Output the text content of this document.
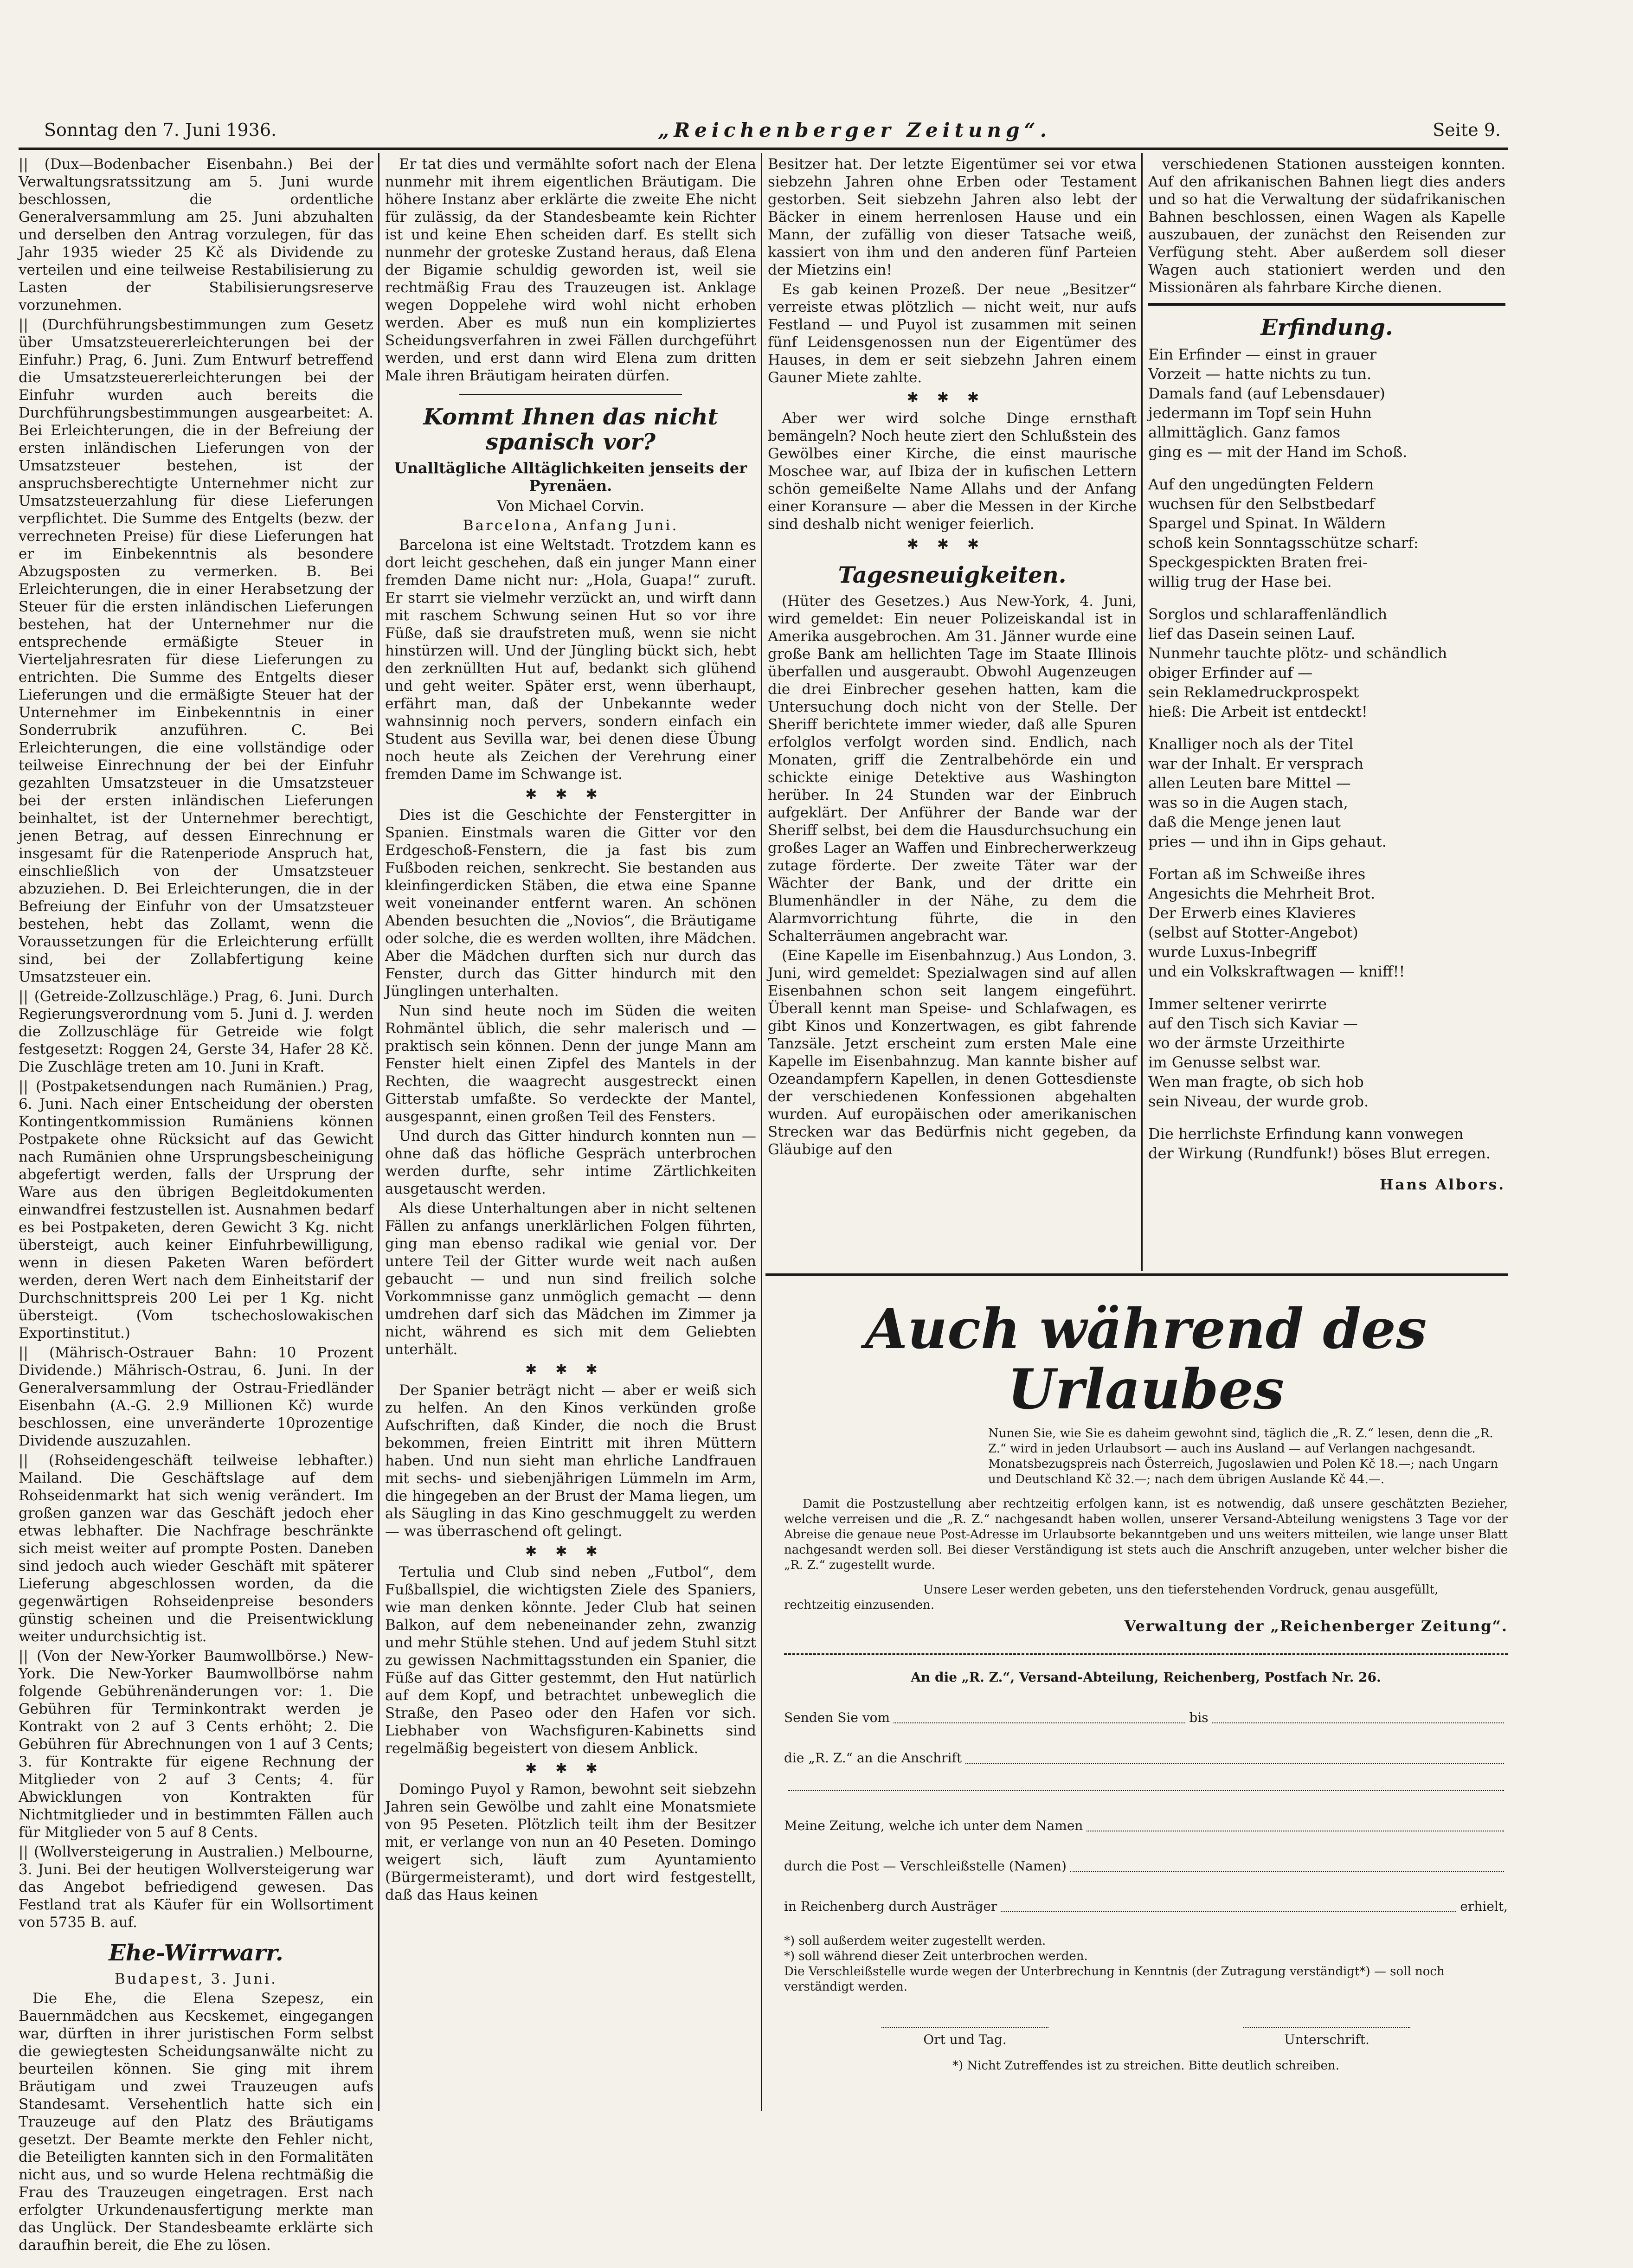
Sonntag den 7. Juni 1936.	„Reichenberger Zeitung“.	Seite 9.

|| (Dux—Bodenbacher Eisenbahn.) Bei der Verwaltungsratssitzung am 5. Juni wurde beschlossen, die ordentliche Generalversammlung am 25. Juni abzuhalten und derselben den Antrag vorzulegen, für das Jahr 1935 wieder 25 Kč als Dividende zu verteilen und eine teilweise Restabilisierung zu Lasten der Stabilisierungsreserve vorzunehmen.

|| (Durchführungsbestimmungen zum Gesetz über Umsatzsteuererleichterungen bei der Einfuhr.) Prag, 6. Juni. Zum Entwurf betreffend die Umsatzsteuererleichterungen bei der Einfuhr wurden auch bereits die Durchführungsbestimmungen ausgearbeitet: A. Bei Erleichterungen, die in der Befreiung der ersten inländischen Lieferungen von der Umsatzsteuer bestehen, ist der anspruchsberechtigte Unternehmer nicht zur Umsatzsteuerzahlung für diese Lieferungen verpflichtet. Die Summe des Entgelts (bezw. der verrechneten Preise) für diese Lieferungen hat er im Einbekenntnis als besondere Abzugsposten zu vermerken. B. Bei Erleichterungen, die in einer Herabsetzung der Steuer für die ersten inländischen Lieferungen bestehen, hat der Unternehmer nur die entsprechende ermäßigte Steuer in Vierteljahresraten für diese Lieferungen zu entrichten. Die Summe des Entgelts dieser Lieferungen und die ermäßigte Steuer hat der Unternehmer im Einbekenntnis in einer Sonderrubrik anzuführen. C. Bei Erleichterungen, die eine vollständige oder teilweise Einrechnung der bei der Einfuhr gezahlten Umsatzsteuer in die Umsatzsteuer bei der ersten inländischen Lieferungen beinhaltet, ist der Unternehmer berechtigt, jenen Betrag, auf dessen Einrechnung er insgesamt für die Ratenperiode Anspruch hat, einschließlich von der Umsatzsteuer abzuziehen. D. Bei Erleichterungen, die in der Befreiung der Einfuhr von der Umsatzsteuer bestehen, hebt das Zollamt, wenn die Voraussetzungen für die Erleichterung erfüllt sind, bei der Zollabfertigung keine Umsatzsteuer ein.

|| (Getreide-Zollzuschläge.) Prag, 6. Juni. Durch Regierungsverordnung vom 5. Juni d. J. werden die Zollzuschläge für Getreide wie folgt festgesetzt: Roggen 24, Gerste 34, Hafer 28 Kč. Die Zuschläge treten am 10. Juni in Kraft.

|| (Postpaketsendungen nach Rumänien.) Prag, 6. Juni. Nach einer Entscheidung der obersten Kontingentkommission Rumäniens können Postpakete ohne Rücksicht auf das Gewicht nach Rumänien ohne Ursprungsbescheinigung abgefertigt werden, falls der Ursprung der Ware aus den übrigen Begleitdokumenten einwandfrei festzustellen ist. Ausnahmen bedarf es bei Postpaketen, deren Gewicht 3 Kg. nicht übersteigt, auch keiner Einfuhrbewilligung, wenn in diesen Paketen Waren befördert werden, deren Wert nach dem Einheitstarif der Durchschnittspreis 200 Lei per 1 Kg. nicht übersteigt. (Vom tschechoslowakischen Exportinstitut.)

|| (Mährisch-Ostrauer Bahn: 10 Prozent Dividende.) Mährisch-Ostrau, 6. Juni. In der Generalversammlung der Ostrau-Friedländer Eisenbahn (A.-G. 2.9 Millionen Kč) wurde beschlossen, eine unveränderte 10prozentige Dividende auszuzahlen.

|| (Rohseidengeschäft teilweise lebhafter.) Mailand. Die Geschäftslage auf dem Rohseidenmarkt hat sich wenig verändert. Im großen ganzen war das Geschäft jedoch eher etwas lebhafter. Die Nachfrage beschränkte sich meist weiter auf prompte Posten. Daneben sind jedoch auch wieder Geschäft mit späterer Lieferung abgeschlossen worden, da die gegenwärtigen Rohseidenpreise besonders günstig scheinen und die Preisentwicklung weiter undurchsichtig ist.

|| (Von der New-Yorker Baumwollbörse.) New-York. Die New-Yorker Baumwollbörse nahm folgende Gebührenänderungen vor: 1. Die Gebühren für Terminkontrakt werden je Kontrakt von 2 auf 3 Cents erhöht; 2. Die Gebühren für Abrechnungen von 1 auf 3 Cents; 3. für Kontrakte für eigene Rechnung der Mitglieder von 2 auf 3 Cents; 4. für Abwicklungen von Kontrakten für Nichtmitglieder und in bestimmten Fällen auch für Mitglieder von 5 auf 8 Cents.

|| (Wollversteigerung in Australien.) Melbourne, 3. Juni. Bei der heutigen Wollversteigerung war das Angebot befriedigend gewesen. Das Festland trat als Käufer für ein Wollsortiment von 5735 B. auf.

Ehe-Wirrwarr.

Budapest, 3. Juni.

Die Ehe, die Elena Szepesz, ein Bauernmädchen aus Kecskemet, eingegangen war, dürften in ihrer juristischen Form selbst die gewiegtesten Scheidungsanwälte nicht zu beurteilen können. Sie ging mit ihrem Bräutigam und zwei Trauzeugen aufs Standesamt. Versehentlich hatte sich ein Trauzeuge auf den Platz des Bräutigams gesetzt. Der Beamte merkte den Fehler nicht, die Beteiligten kannten sich in den Formalitäten nicht aus, und so wurde Helena rechtmäßig die Frau des Trauzeugen eingetragen. Erst nach erfolgter Urkundenausfertigung merkte man das Unglück. Der Standesbeamte erklärte sich daraufhin bereit, die Ehe zu lösen.

Er tat dies und vermählte sofort nach der Elena nunmehr mit ihrem eigentlichen Bräutigam. Die höhere Instanz aber erklärte die zweite Ehe nicht für zulässig, da der Standesbeamte kein Richter ist und keine Ehen scheiden darf. Es stellt sich nunmehr der groteske Zustand heraus, daß Elena der Bigamie schuldig geworden ist, weil sie rechtmäßig Frau des Trauzeugen ist. Anklage wegen Doppelehe wird wohl nicht erhoben werden. Aber es muß nun ein kompliziertes Scheidungsverfahren in zwei Fällen durchgeführt werden, und erst dann wird Elena zum dritten Male ihren Bräutigam heiraten dürfen.

Kommt Ihnen das nicht spanisch vor?
Unalltägliche Alltäglichkeiten jenseits der Pyrenäen.

Von Michael Corvin.

Barcelona, Anfang Juni.

Barcelona ist eine Weltstadt. Trotzdem kann es dort leicht geschehen, daß ein junger Mann einer fremden Dame nicht nur: „Hola, Guapa!“ zuruft. Er starrt sie vielmehr verzückt an, und wirft dann mit raschem Schwung seinen Hut so vor ihre Füße, daß sie draufstreten muß, wenn sie nicht hinstürzen will. Und der Jüngling bückt sich, hebt den zerknüllten Hut auf, bedankt sich glühend und geht weiter. Später erst, wenn überhaupt, erfährt man, daß der Unbekannte weder wahnsinnig noch pervers, sondern einfach ein Student aus Sevilla war, bei denen diese Übung noch heute als Zeichen der Verehrung einer fremden Dame im Schwange ist.

✱✱✱

Dies ist die Geschichte der Fenstergitter in Spanien. Einstmals waren die Gitter vor den Erdgeschoß-Fenstern, die ja fast bis zum Fußboden reichen, senkrecht. Sie bestanden aus kleinfingerdicken Stäben, die etwa eine Spanne weit voneinander entfernt waren. An schönen Abenden besuchten die „Novios“, die Bräutigame oder solche, die es werden wollten, ihre Mädchen. Aber die Mädchen durften sich nur durch das Fenster, durch das Gitter hindurch mit den Jünglingen unterhalten.

Nun sind heute noch im Süden die weiten Rohmäntel üblich, die sehr malerisch und — praktisch sein können. Denn der junge Mann am Fenster hielt einen Zipfel des Mantels in der Rechten, die waagrecht ausgestreckt einen Gitterstab umfaßte. So verdeckte der Mantel, ausgespannt, einen großen Teil des Fensters.

Und durch das Gitter hindurch konnten nun — ohne daß das höfliche Gespräch unterbrochen werden durfte, sehr intime Zärtlichkeiten ausgetauscht werden.

Als diese Unterhaltungen aber in nicht seltenen Fällen zu anfangs unerklärlichen Folgen führten, ging man ebenso radikal wie genial vor. Der untere Teil der Gitter wurde weit nach außen gebaucht — und nun sind freilich solche Vorkommnisse ganz unmöglich gemacht — denn umdrehen darf sich das Mädchen im Zimmer ja nicht, während es sich mit dem Geliebten unterhält.

✱✱✱

Der Spanier beträgt nicht — aber er weiß sich zu helfen. An den Kinos verkünden große Aufschriften, daß Kinder, die noch die Brust bekommen, freien Eintritt mit ihren Müttern haben. Und nun sieht man ehrliche Landfrauen mit sechs- und siebenjährigen Lümmeln im Arm, die hingegeben an der Brust der Mama liegen, um als Säugling in das Kino geschmuggelt zu werden — was überraschend oft gelingt.

✱✱✱

Tertulia und Club sind neben „Futbol“, dem Fußballspiel, die wichtigsten Ziele des Spaniers, wie man denken könnte. Jeder Club hat seinen Balkon, auf dem nebeneinander zehn, zwanzig und mehr Stühle stehen. Und auf jedem Stuhl sitzt zu gewissen Nachmittagsstunden ein Spanier, die Füße auf das Gitter gestemmt, den Hut natürlich auf dem Kopf, und betrachtet unbeweglich die Straße, den Paseo oder den Hafen vor sich. Liebhaber von Wachsfiguren-Kabinetts sind regelmäßig begeistert von diesem Anblick.

✱✱✱

Domingo Puyol y Ramon, bewohnt seit siebzehn Jahren sein Gewölbe und zahlt eine Monatsmiete von 95 Peseten. Plötzlich teilt ihm der Besitzer mit, er verlange von nun an 40 Peseten. Domingo weigert sich, läuft zum Ayuntamiento (Bürgermeisteramt), und dort wird festgestellt, daß das Haus keinen

Besitzer hat. Der letzte Eigentümer sei vor etwa siebzehn Jahren ohne Erben oder Testament gestorben. Seit siebzehn Jahren also lebt der Bäcker in einem herrenlosen Hause und ein Mann, der zufällig von dieser Tatsache weiß, kassiert von ihm und den anderen fünf Parteien der Mietzins ein!

Es gab keinen Prozeß. Der neue „Besitzer“ verreiste etwas plötzlich — nicht weit, nur aufs Festland — und Puyol ist zusammen mit seinen fünf Leidensgenossen nun der Eigentümer des Hauses, in dem er seit siebzehn Jahren einem Gauner Miete zahlte.

✱✱✱

Aber wer wird solche Dinge ernsthaft bemängeln? Noch heute ziert den Schlußstein des Gewölbes einer Kirche, die einst maurische Moschee war, auf Ibiza der in kufischen Lettern schön gemeißelte Name Allahs und der Anfang einer Koransure — aber die Messen in der Kirche sind deshalb nicht weniger feierlich.

✱✱✱
Tagesneuigkeiten.

(Hüter des Gesetzes.) Aus New-York, 4. Juni, wird gemeldet: Ein neuer Polizeiskandal ist in Amerika ausgebrochen. Am 31. Jänner wurde eine große Bank am hellichten Tage im Staate Illinois überfallen und ausgeraubt. Obwohl Augenzeugen die drei Einbrecher gesehen hatten, kam die Untersuchung doch nicht von der Stelle. Der Sheriff berichtete immer wieder, daß alle Spuren erfolglos verfolgt worden sind. Endlich, nach Monaten, griff die Zentralbehörde ein und schickte einige Detektive aus Washington herüber. In 24 Stunden war der Einbruch aufgeklärt. Der Anführer der Bande war der Sheriff selbst, bei dem die Hausdurchsuchung ein großes Lager an Waffen und Einbrecherwerkzeug zutage förderte. Der zweite Täter war der Wächter der Bank, und der dritte ein Blumenhändler in der Nähe, zu dem die Alarmvorrichtung führte, die in den Schalterräumen angebracht war.

(Eine Kapelle im Eisenbahnzug.) Aus London, 3. Juni, wird gemeldet: Spezialwagen sind auf allen Eisenbahnen schon seit langem eingeführt. Überall kennt man Speise- und Schlafwagen, es gibt Kinos und Konzertwagen, es gibt fahrende Tanzsäle. Jetzt erscheint zum ersten Male eine Kapelle im Eisenbahnzug. Man kannte bisher auf Ozeandampfern Kapellen, in denen Gottesdienste der verschiedenen Konfessionen abgehalten wurden. Auf europäischen oder amerikanischen Strecken war das Bedürfnis nicht gegeben, da Gläubige auf den

verschiedenen Stationen aussteigen konnten. Auf den afrikanischen Bahnen liegt dies anders und so hat die Verwaltung der südafrikanischen Bahnen beschlossen, einen Wagen als Kapelle auszubauen, der zunächst den Reisenden zur Verfügung steht. Aber außerdem soll dieser Wagen auch stationiert werden und den Missionären als fahrbare Kirche dienen.

Erfindung.
Ein Erfinder — einst in grauer
Vorzeit — hatte nichts zu tun.
Damals fand (auf Lebensdauer)
jedermann im Topf sein Huhn
allmittäglich. Ganz famos
ging es — mit der Hand im Schoß.
Auf den ungedüngten Feldern
wuchsen für den Selbstbedarf
Spargel und Spinat. In Wäldern
schoß kein Sonntagsschütze scharf:
Speckgespickten Braten frei-
willig trug der Hase bei.
Sorglos und schlaraffenländlich
lief das Dasein seinen Lauf.
Nunmehr tauchte plötz- und schändlich
obiger Erfinder auf —
sein Reklamedruckprospekt
hieß: Die Arbeit ist entdeckt!
Knalliger noch als der Titel
war der Inhalt. Er versprach
allen Leuten bare Mittel —
was so in die Augen stach,
daß die Menge jenen laut
pries — und ihn in Gips gehaut.
Fortan aß im Schweiße ihres
Angesichts die Mehrheit Brot.
Der Erwerb eines Klavieres
(selbst auf Stotter-Angebot)
wurde Luxus-Inbegriff
und ein Volkskraftwagen — kniff!!
Immer seltener verirrte
auf den Tisch sich Kaviar —
wo der ärmste Urzeithirte
im Genusse selbst war.
Wen man fragte, ob sich hob
sein Niveau, der wurde grob.
Die herrlichste Erfindung kann vonwegen
der Wirkung (Rundfunk!) böses Blut erregen.

Hans Albors.

Auch während des Urlaubes
Nunen Sie, wie Sie es daheim gewohnt sind, täglich die „R. Z.“ lesen, denn die „R. Z.“ wird in jeden Urlaubsort — auch ins Ausland — auf Verlangen nachgesandt. Monatsbezugspreis nach Österreich, Jugoslawien und Polen Kč 18.—; nach Ungarn und Deutschland Kč 32.—; nach dem übrigen Auslande Kč 44.—.
Damit die Postzustellung aber rechtzeitig erfolgen kann, ist es notwendig, daß unsere geschätzten Bezieher, welche verreisen und die „R. Z.“ nachgesandt haben wollen, unserer Versand-Abteilung wenigstens 3 Tage vor der Abreise die genaue neue Post-Adresse im Urlaubsorte bekanntgeben und uns weiters mitteilen, wie lange unser Blatt nachgesandt werden soll. Bei dieser Verständigung ist stets auch die Anschrift anzugeben, unter welcher bisher die „R. Z.“ zugestellt wurde.
Unsere Leser werden gebeten, uns den tieferstehenden Vordruck, genau ausgefüllt, rechtzeitig einzusenden.
Verwaltung der „Reichenberger Zeitung“.
An die „R. Z.“, Versand-Abteilung, Reichenberg, Postfach Nr. 26.
Senden Sie vom	bis
die „R. Z.“ an die Anschrift
Meine Zeitung, welche ich unter dem Namen
durch die Post — Verschleißstelle (Namen)
in Reichenberg durch Austräger	erhielt,
*) soll außerdem weiter zugestellt werden.
*) soll während dieser Zeit unterbrochen werden.
Die Verschleißstelle wurde wegen der Unterbrechung in Kenntnis (der Zutragung verständigt*) — soll noch verständigt werden.
Ort und Tag.	Unterschrift.
*) Nicht Zutreffendes ist zu streichen. Bitte deutlich schreiben.
